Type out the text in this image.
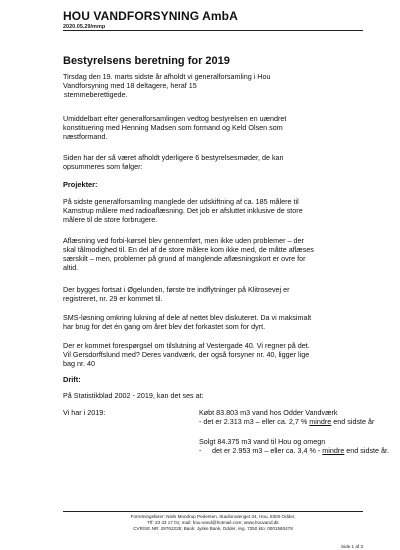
HOU VANDFORSYNING AmbA
2020.05.29/mmp
Bestyrelsens beretning for 2019
Tirsdag den 19. marts sidste år afholdt vi generalforsamling i Hou
Vandforsyning med 18 deltagere, heraf 15
stemmeberettigede.
Umiddelbart efter generalforsamlingen vedtog bestyrelsen en uændret
konstituering med Henning Madsen som formand og Keld Olsen som
næstformand.
Siden har der så været afholdt yderligere 6 bestyrelsesmøder, de kan
opsummeres som følger:
Projekter:
På sidste generalforsamling manglede der udskiftning af ca. 185 målere til
Kamstrup målere med radioaflæsning. Det job er afsluttet inklusive de store
målere til de store forbrugere.
Aflæsning ved forbi-kørsel blev gennemført, men ikke uden problemer – der
skal tålmodighed til. En del af de store målere kom ikke med, de måtte aflæses
særskilt – men, problemer på grund af manglende aflæsningskort er ovre for
altid.
Der bygges fortsat i Øgelunden, første tre indflytninger på Klitrosevej er
registreret, nr. 29 er kommet til.
SMS-løsning omkring lukning af dele af nettet blev diskuteret. Da vi maksimalt
har brug for det én gang om året blev det forkastet som for dyrt.
Der er kommet forespørgsel om tilslutning af Vestergade 40. Vi regner på det.
Vil Gersdorffslund med? Deres vandværk, der også forsyner nr. 40, ligger lige
bag nr. 40
Drift:
På Statistikblad 2002 - 2019, kan det ses at:
Vi har i 2019:	Købt 83.803 m3 vand hos Odder Vandværk
- det er 2.313 m3 – eller ca. 2,7 % mindre end sidste år
Solgt 84.375 m3 vand til Hou og omegn
- det er 2.953 m3 – eller ca. 3,4 % - mindre end sidste år.
Forretningsfører: Niels Mondrup Pedersen, Stadionvænget 34, Hou, 8300 Odder,
Tlf: 23 43 17 01; mail: hou-vand@hotmail.com; www.houvand.dk
CVR/SE NR: 29762228; Bank: Jyske Bank, Odder, reg. 7250 kto: 0001580478
Side 1 af 3
